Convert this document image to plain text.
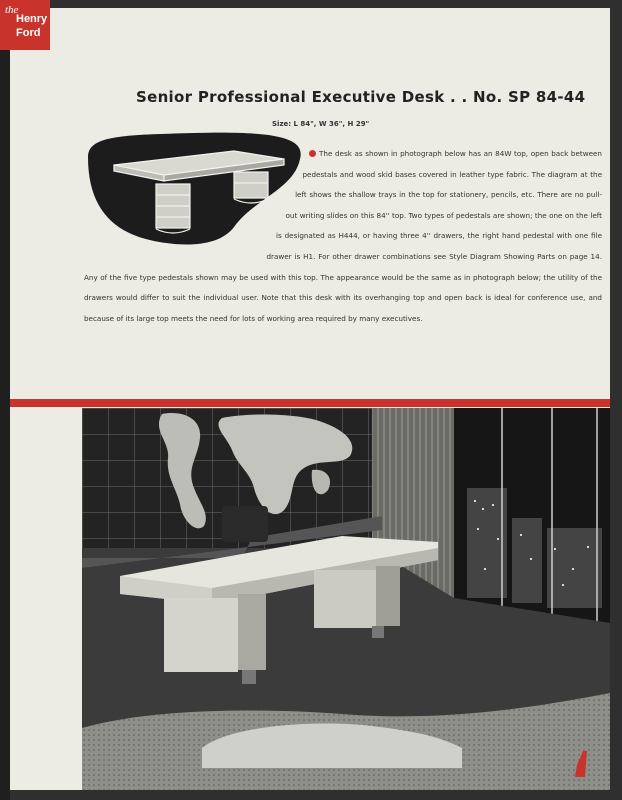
Senior Professional Executive Desk . . No. SP 84-44
Size: L 84", W 36", H 29"
The desk as shown in photograph below has an 84W top, open back between pedestals and wood skid bases covered in leather type fabric. The diagram at the left shows the shallow trays in the top for stationery, pencils, etc. There are no pull-out writing slides on this 84'' top. Two types of pedestals are shown; the one on the left is designated as H444, or having three 4'' drawers, the right hand pedestal with one file drawer is H1. For other drawer combinations see Style Diagram Showing Parts on page 14. Any of the five type pedestals shown may be used with this top. The appearance would be the same as in photograph below; the utility of the drawers would differ to suit the individual user. Note that this desk with its overhanging top and open back is ideal for conference use, and because of its large top meets the need for lots of working area required by many executives.
the
Henry
Ford
